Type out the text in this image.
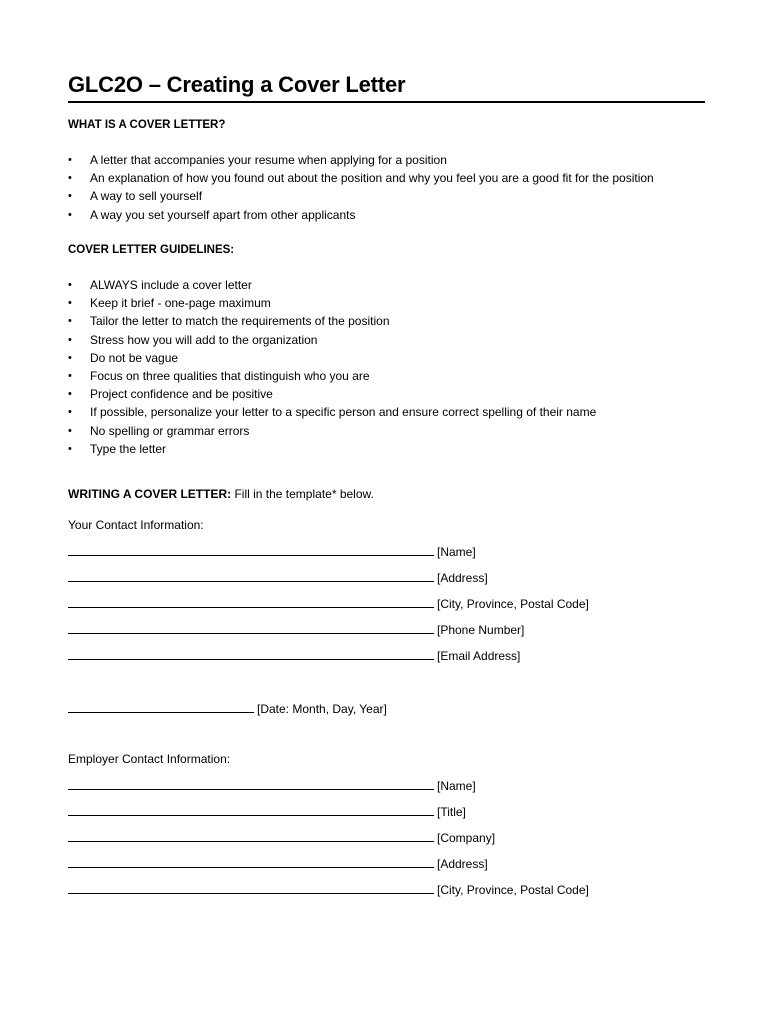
GLC2O – Creating a Cover Letter
WHAT IS A COVER LETTER?
•
A letter that accompanies your resume when applying for a position
•
An explanation of how you found out about the position and why you feel you are a good fit for the position
•
A way to sell yourself
•
A way you set yourself apart from other applicants
COVER LETTER GUIDELINES:
•
ALWAYS include a cover letter
•
Keep it brief - one-page maximum
•
Tailor the letter to match the requirements of the position
•
Stress how you will add to the organization
•
Do not be vague
•
Focus on three qualities that distinguish who you are
•
Project confidence and be positive
•
If possible, personalize your letter to a specific person and ensure correct spelling of their name
•
No spelling or grammar errors
•
Type the letter
WRITING A COVER LETTER: Fill in the template* below.
Your Contact Information:
[Name]
[Address]
[City, Province, Postal Code]
[Phone Number]
[Email Address]
[Date: Month, Day, Year]
Employer Contact Information:
[Name]
[Title]
[Company]
[Address]
[City, Province, Postal Code]
